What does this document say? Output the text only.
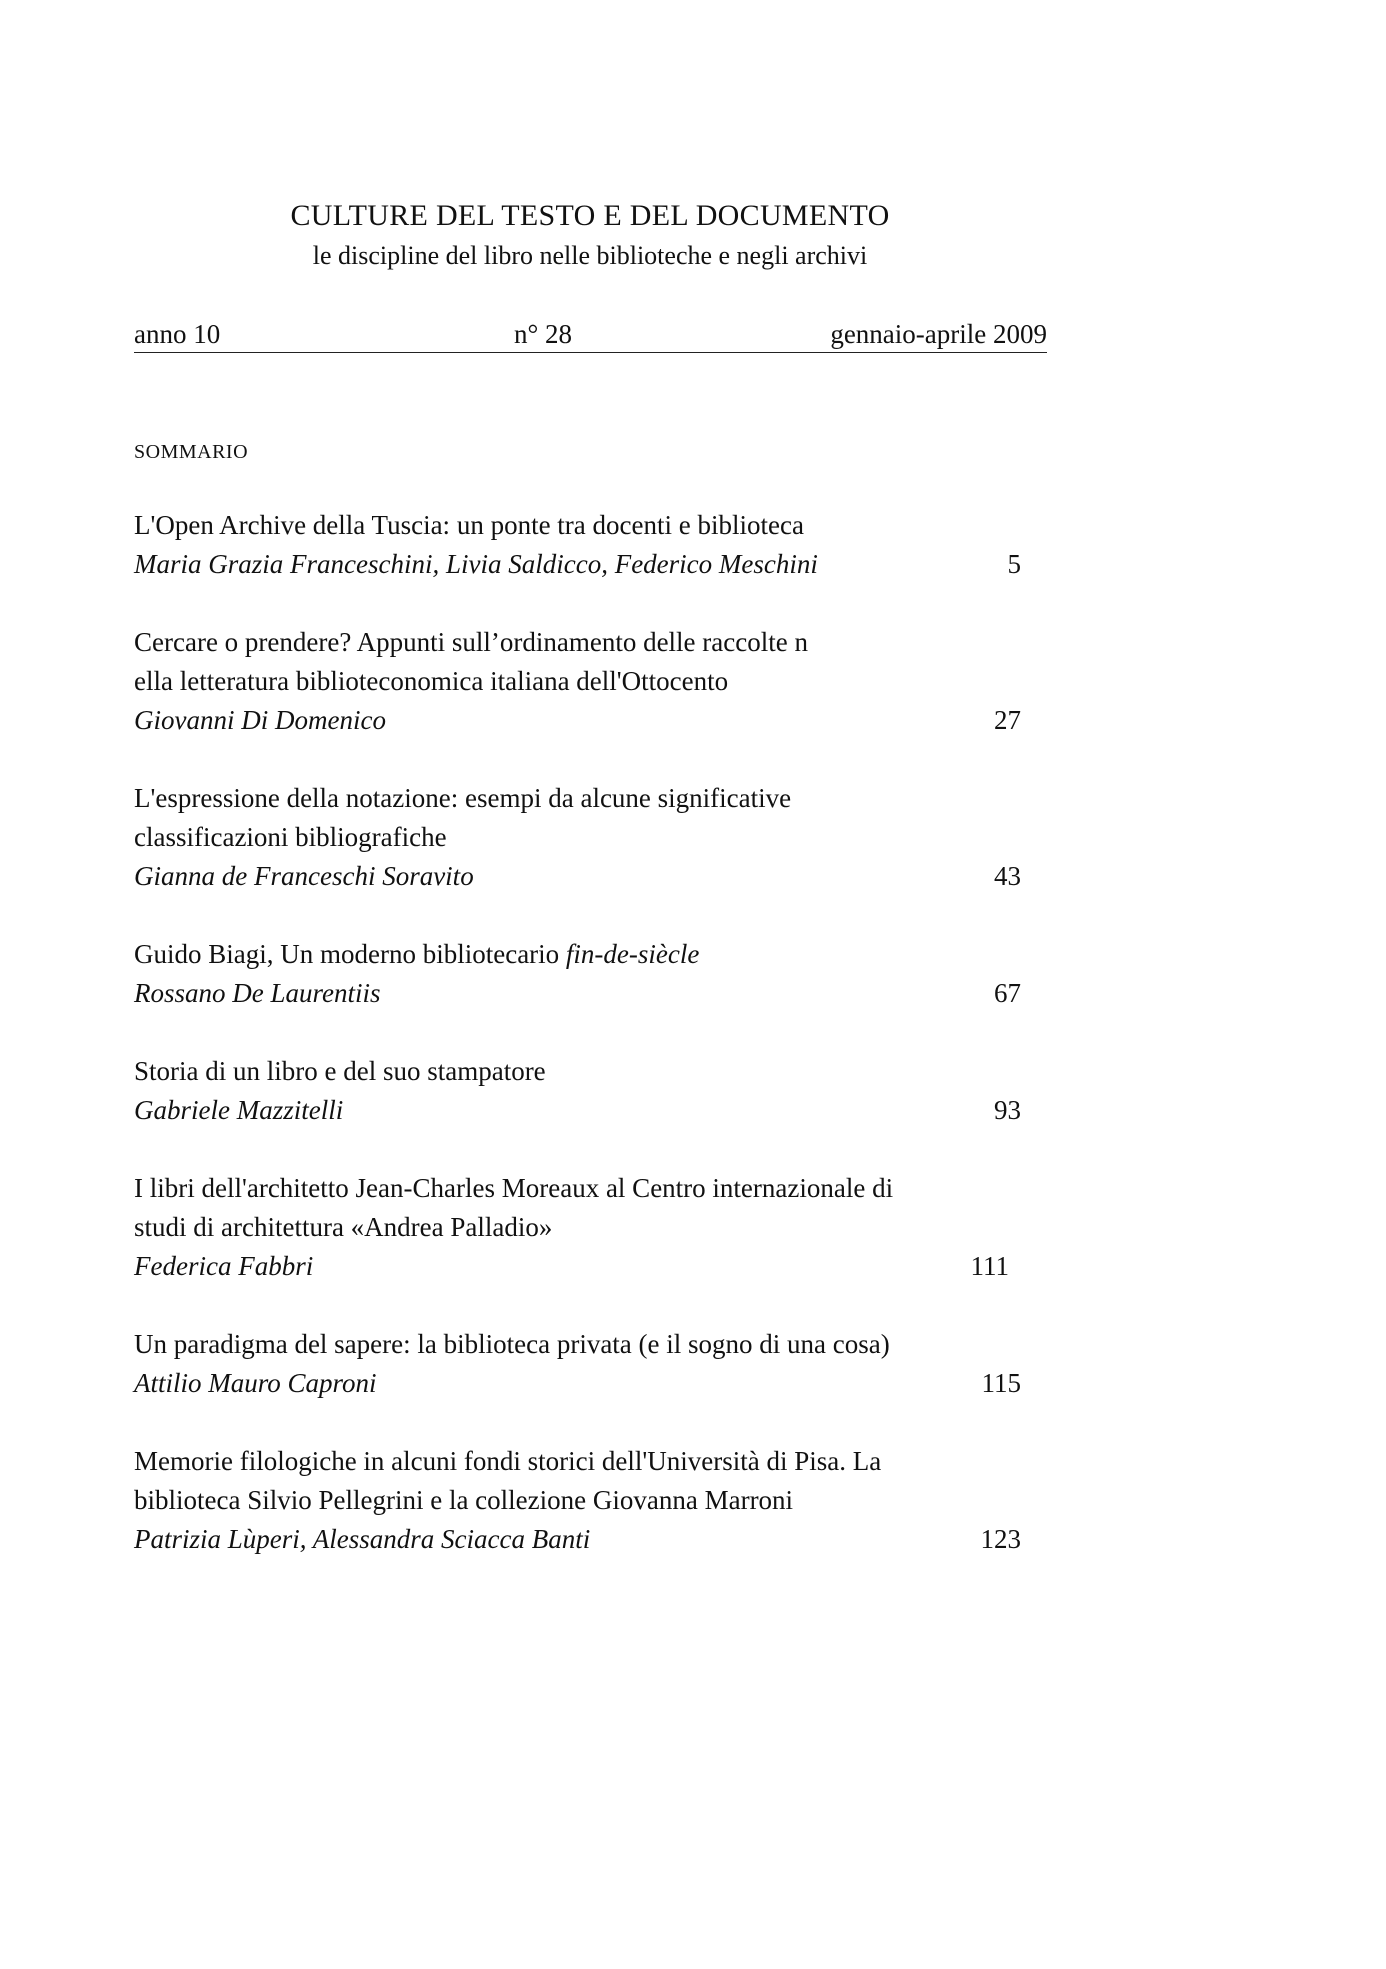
CULTURE DEL TESTO E DEL DOCUMENTO
le discipline del libro nelle biblioteche e negli archivi
anno 10	n° 28	gennaio-aprile 2009
SOMMARIO
L'Open Archive della Tuscia: un ponte tra docenti e biblioteca
Maria Grazia Franceschini, Livia Saldicco, Federico Meschini	5
Cercare o prendere? Appunti sull’ordinamento delle raccolte n
ella letteratura biblioteconomica italiana dell'Ottocento
Giovanni Di Domenico	27
L'espressione della notazione: esempi da alcune significative
classificazioni bibliografiche
Gianna de Franceschi Soravito	43
Guido Biagi, Un moderno bibliotecario fin-de-siècle
Rossano De Laurentiis	67
Storia di un libro e del suo stampatore
Gabriele Mazzitelli	93
I libri dell'architetto Jean-Charles Moreaux al Centro internazionale di
studi di architettura «Andrea Palladio»
Federica Fabbri	111
Un paradigma del sapere: la biblioteca privata (e il sogno di una cosa)
Attilio Mauro Caproni	115
Memorie filologiche in alcuni fondi storici dell'Università di Pisa. La
biblioteca Silvio Pellegrini e la collezione Giovanna Marroni
Patrizia Lùperi, Alessandra Sciacca Banti	123
